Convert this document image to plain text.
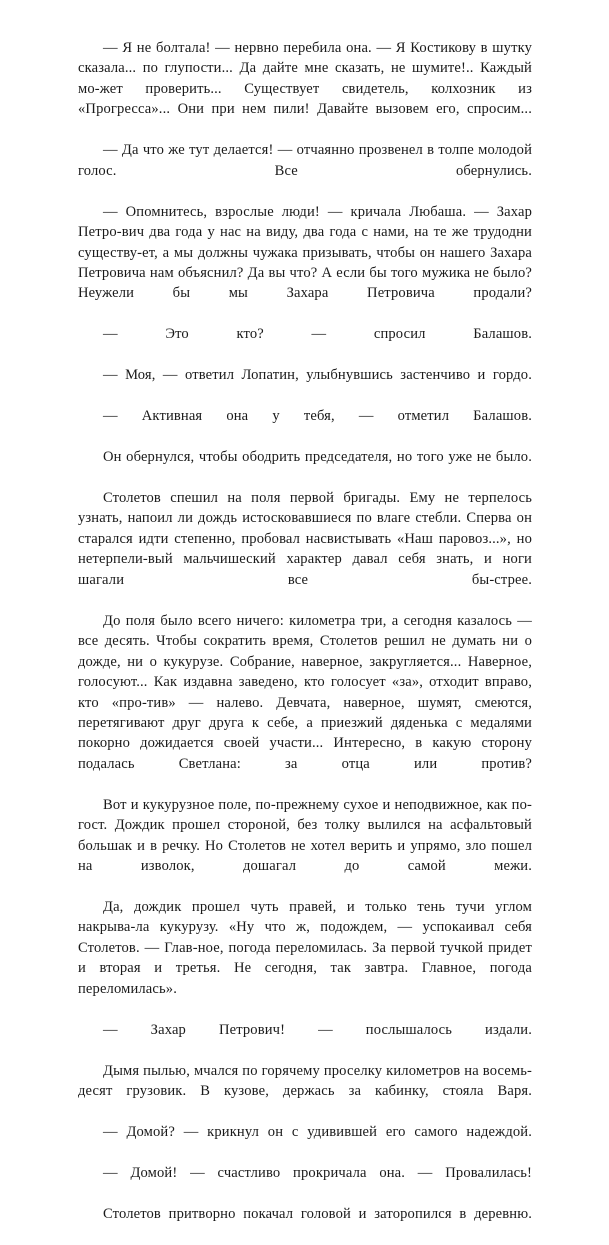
— Я не болтала! — нервно перебила она. — Я Костикову в шутку сказала... по глупости... Да дайте мне сказать, не шумите!.. Каждый мо-​жет проверить... Существует свидетель, колхозник из «Прогресса»... Они при нем пили! Давайте вызовем его, спросим...

— Да что же тут делается! — отчаянно прозвенел в толпе молодой голос. Все обернулись.

— Опомнитесь, взрослые люди! — кричала Любаша. — Захар Петро-​вич два года у нас на виду, два года с нами, на те же трудодни существу-​ет, а мы должны чужака призывать, чтобы он нашего Захара Петровича нам объяснил? Да вы что? А если бы того мужика не было? Неужели бы мы Захара Петровича продали?

— Это кто? — спросил Балашов.

— Моя, — ответил Лопатин, улыбнувшись застенчиво и гордо.

— Активная она у тебя, — отметил Балашов.

Он обернулся, чтобы ободрить председателя, но того уже не было.

Столетов спешил на поля первой бригады. Ему не терпелось узнать, напоил ли дождь истосковавшиеся по влаге стебли. Сперва он старался идти степенно, пробовал насвистывать «Наш паровоз...», но нетерпели-​вый мальчишеский характер давал себя знать, и ноги шагали все бы-​стрее.

До поля было всего ничего: километра три, а сегодня казалось — все десять. Чтобы сократить время, Столетов решил не думать ни о дожде, ни о кукурузе. Собрание, наверное, закругляется... Наверное, голосуют... Как издавна заведено, кто голосует «за», отходит вправо, кто «про-​тив» — налево. Девчата, наверное, шумят, смеются, перетягивают друг друга к себе, а приезжий дяденька с медалями покорно дожидается своей участи... Интересно, в какую сторону подалась Светлана: за отца или против?

Вот и кукурузное поле, по-​прежнему сухое и неподвижное, как по-​гост. Дождик прошел стороной, без толку вылился на асфальтовый большак и в речку. Но Столетов не хотел верить и упрямо, зло пошел на изволок, дошагал до самой межи.

Да, дождик прошел чуть правей, и только тень тучи углом накрыва-​ла кукурузу. «Ну что ж, подождем, — успокаивал себя Столетов. — Глав-​ное, погода переломилась. За первой тучкой придет и вторая и третья. Не сегодня, так завтра. Главное, погода переломилась».

— Захар Петрович! — послышалось издали.

Дымя пылью, мчался по горячему проселку километров на восемь-​десят грузовик. В кузове, держась за кабинку, стояла Варя.

— Домой? — крикнул он с удивившей его самого надеждой.

— Домой! — счастливо прокричала она. — Провалилась!

Столетов притворно покачал головой и заторопился в деревню.
